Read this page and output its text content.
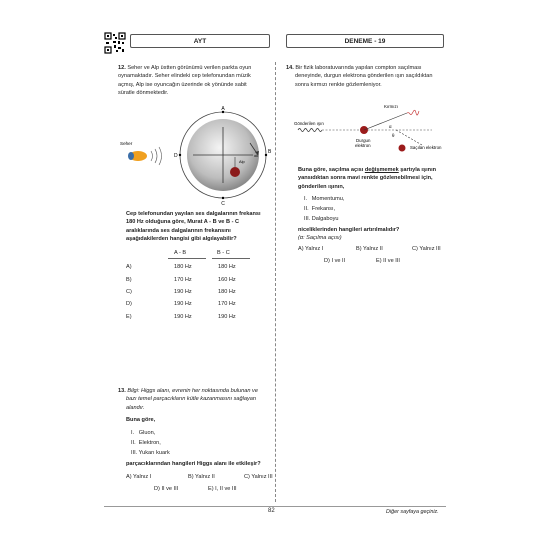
AYT	DENEME - 19
12. Seher ve Alp ϋstten görünümü verilen parkta oyun
oynamaktadır. Seher elindeki cep telefonundan müzik
açmış, Alp ise oyuncağın üzerinde ok yönünde sabit
süratle dönmektedir.
A
C
D
B
Seher
Alp
ok
Cep telefonundan yayılan ses dalgalarının frekansı
180 Hz olduğuna göre, Murat A - B ve B - C
aralıklarında ses dalgalarının frekansını
aşağıdakilerden hangisi gibi algılayabilir?
A - B	B - C
A)	180 Hz	180 Hz
B)	170 Hz	160 Hz
C)	190 Hz	180 Hz
D)	190 Hz	170 Hz
E)	190 Hz	190 Hz
13. Bilgi: Higgs alanı, evrenin her noktasında bulunan ve
bazı temel parçacıkların kütle kazanmasını sağlayan
alandır.
Buna göre,
I.   Gluon,
II.  Elektron,
III. Yukarı kuark
parçacıklarından hangileri Higgs alanı ile etkileşir?
A) Yalnız I	B) Yalnız II	C) Yalnız III
D) II ve III	E) I, II ve III
14. Bir fizik laboratuvarında yapılan compton saçılması
deneyinde, durgun elektrona gönderilen ışın saçıldıktan
sonra kırmızı renkte gözlemleniyor.
Gönderilen ışın
Kırmızı
Durgun
elektron	Saçılan elektron
α
θ
Buna göre, saçılma açısı değişmemek şartıyla ışının
yansıdıktan sonra mavi renkte gözlenebilmesi için,
gönderilen ışının,
I.   Momentumu,
II.  Frekansı,
III. Dalgaboyu
niceliklerinden hangileri artırılmalıdır?
(α: Saçılma açısı)
A) Yalnız I	B) Yalnız II	C) Yalnız III
D) I ve II	E) II ve III
82	Diğer sayfaya geçiniz.
